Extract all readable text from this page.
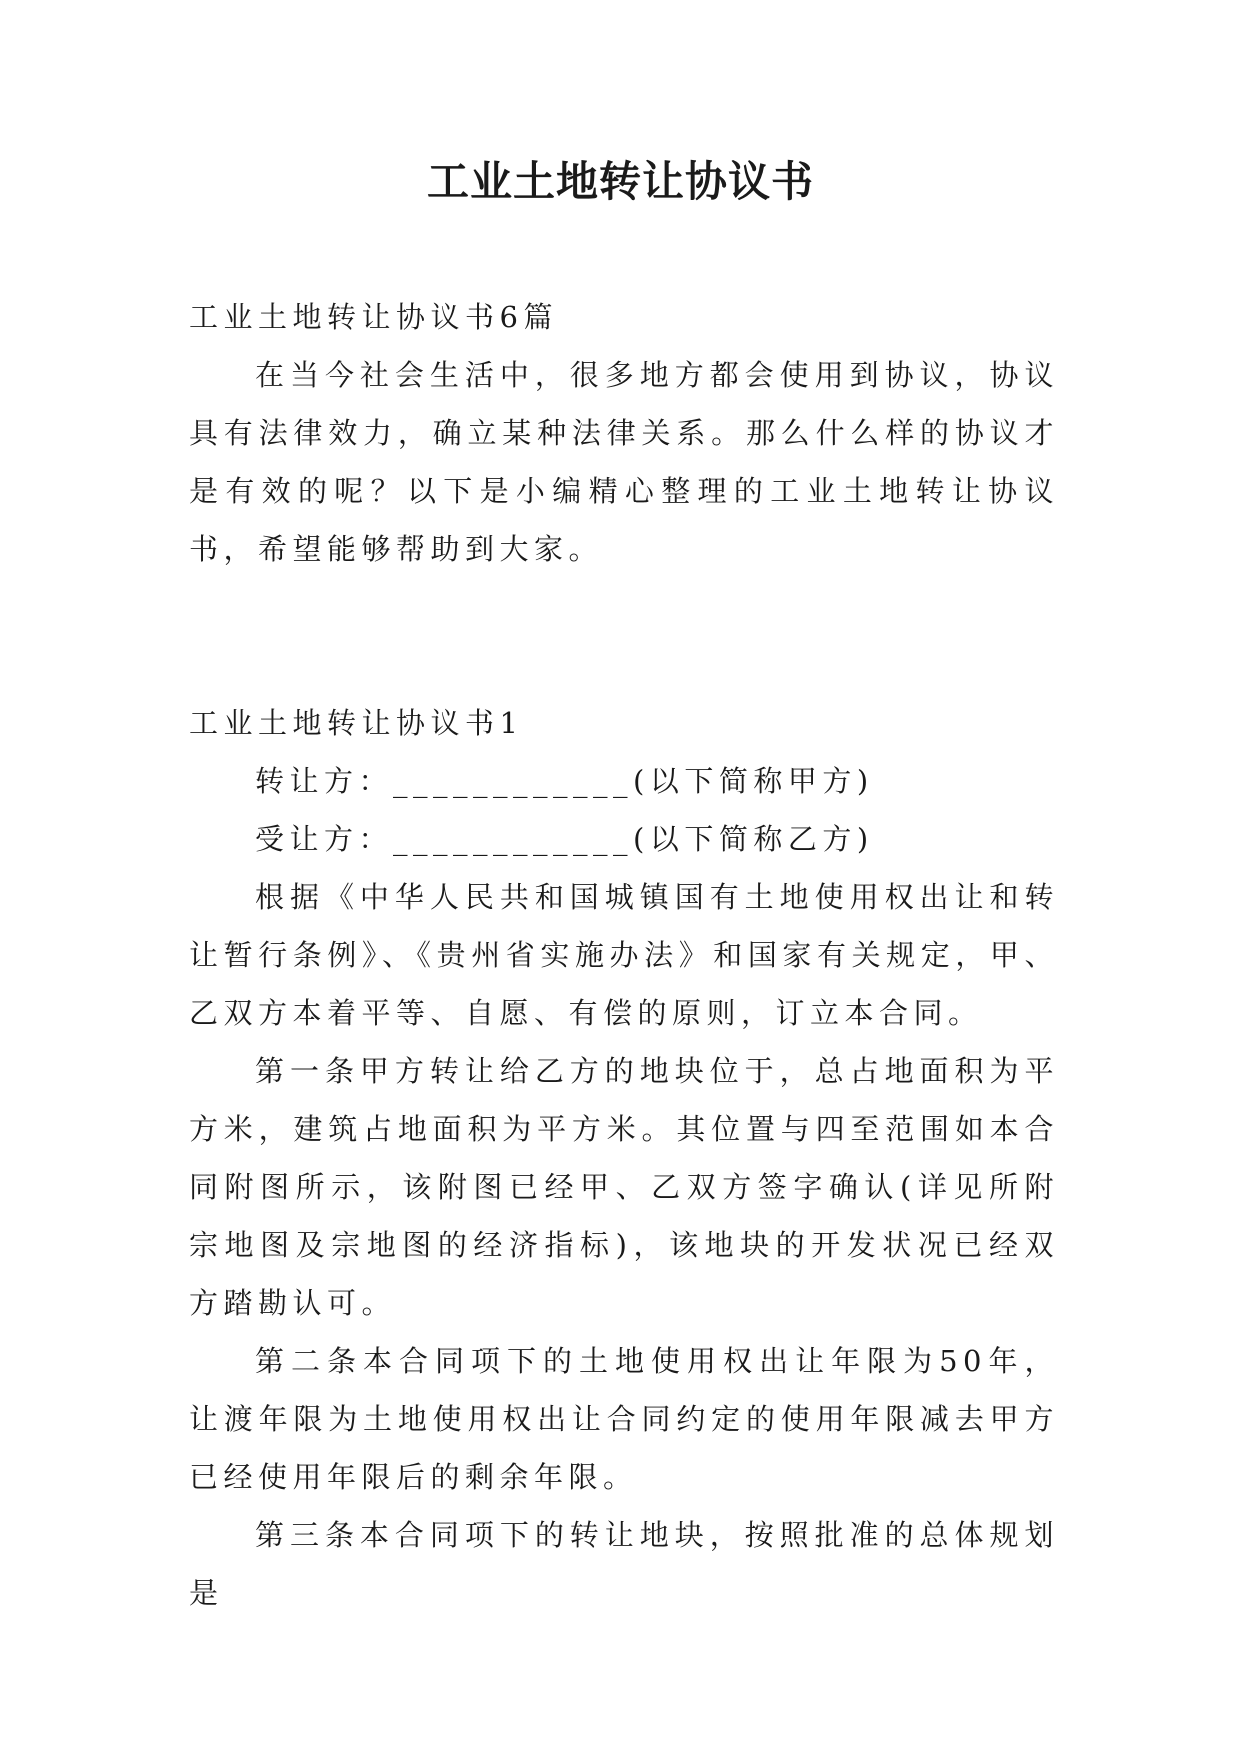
工业土地转让协议书

工业土地转让协议书6篇

在当今社会生活中，很多地方都会使用到协议，协议具有法律效力，确立某种法律关系。那么什么样的协议才是有效的呢？以下是小编精心整理的工业土地转让协议书，希望能够帮助到大家。

工业土地转让协议书1

转让方：____________(以下简称甲方)

受让方：____________(以下简称乙方)

根据《中华人民共和国城镇国有土地使用权出让和转让暂行条例》、《贵州省实施办法》和国家有关规定，甲、乙双方本着平等、自愿、有偿的原则，订立本合同。

第一条甲方转让给乙方的地块位于，总占地面积为平方米，建筑占地面积为平方米。其位置与四至范围如本合同附图所示，该附图已经甲、乙双方签字确认(详见所附宗地图及宗地图的经济指标)，该地块的开发状况已经双方踏勘认可。

第二条本合同项下的土地使用权出让年限为50年，让渡年限为土地使用权出让合同约定的使用年限减去甲方已经使用年限后的剩余年限。

第三条本合同项下的转让地块，按照批准的总体规划是
